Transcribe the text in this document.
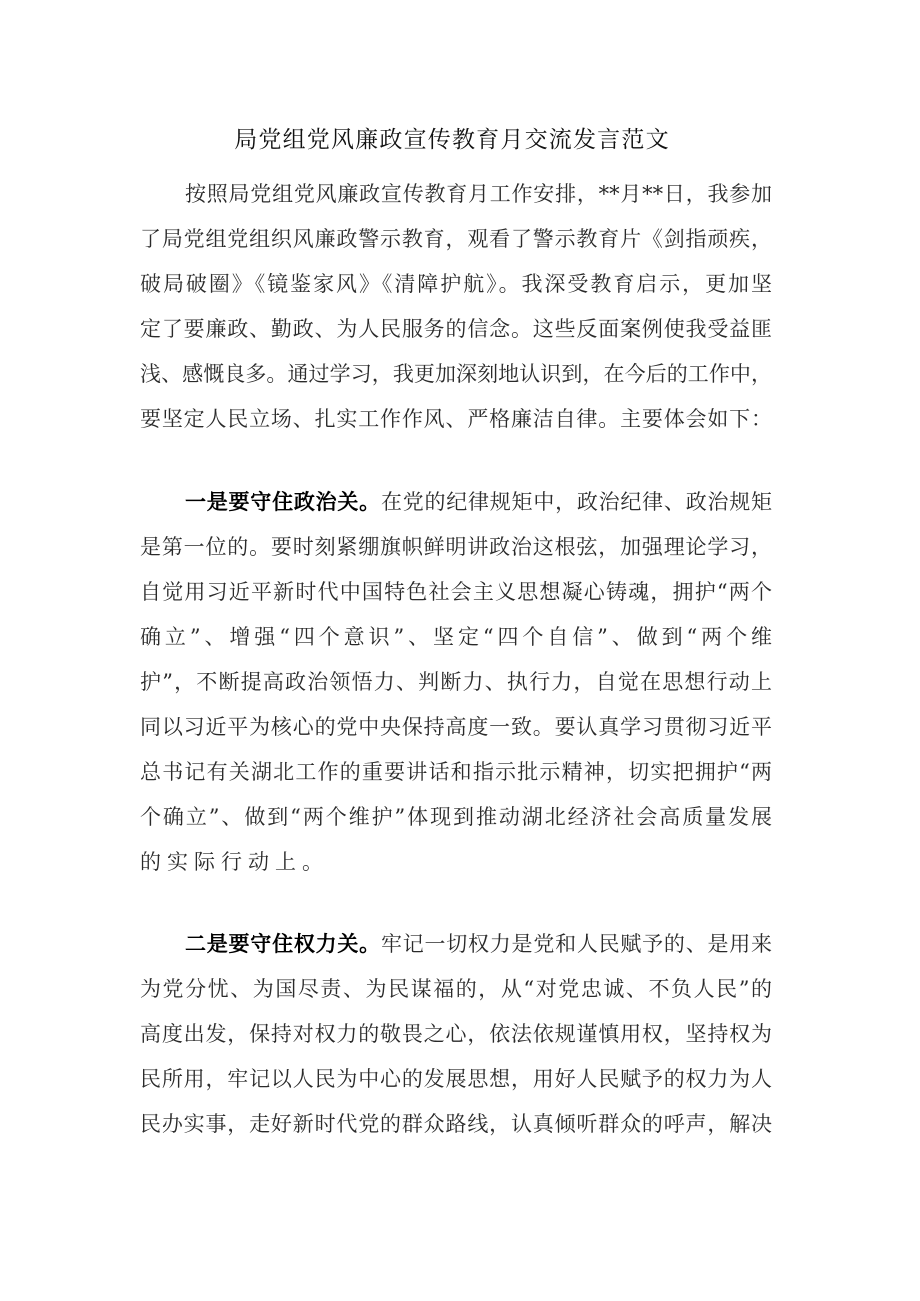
局党组党风廉政宣传教育月交流发言范文
按照局党组党风廉政宣传教育月工作安排，**月**日，我参加
了局党组党组织风廉政警示教育，观看了警示教育片《剑指顽疾，
破局破圈》《镜鉴家风》《清障护航》。我深受教育启示，更加坚
定了要廉政、勤政、为人民服务的信念。这些反面案例使我受益匪
浅、感慨良多。通过学习，我更加深刻地认识到，在今后的工作中，
要坚定人民立场、扎实工作作风、严格廉洁自律。主要体会如下：
一是要守住政治关。在党的纪律规矩中，政治纪律、政治规矩
是第一位的。要时刻紧绷旗帜鲜明讲政治这根弦，加强理论学习，
自觉用习近平新时代中国特色社会主义思想凝心铸魂，拥护“两个
确立”、增强“四个意识”、坚定“四个自信”、做到“两个维
护”，不断提高政治领悟力、判断力、执行力，自觉在思想行动上
同以习近平为核心的党中央保持高度一致。要认真学习贯彻习近平
总书记有关湖北工作的重要讲话和指示批示精神，切实把拥护“两
个确立”、做到“两个维护”体现到推动湖北经济社会高质量发展
的实际行动上。
二是要守住权力关。牢记一切权力是党和人民赋予的、是用来
为党分忧、为国尽责、为民谋福的，从“对党忠诚、不负人民”的
高度出发，保持对权力的敬畏之心，依法依规谨慎用权，坚持权为
民所用，牢记以人民为中心的发展思想，用好人民赋予的权力为人
民办实事，走好新时代党的群众路线，认真倾听群众的呼声，解决
